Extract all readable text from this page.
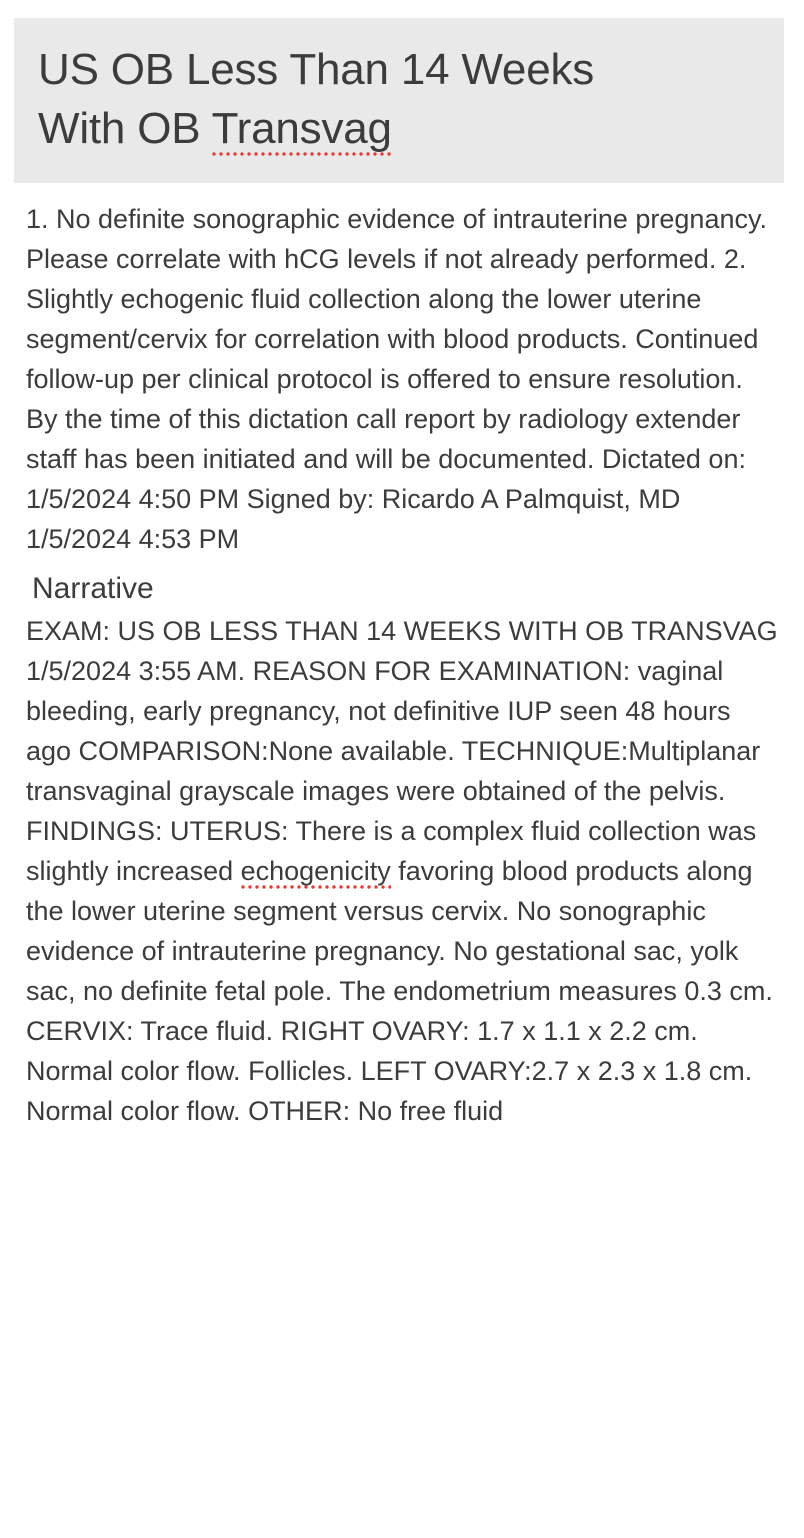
US OB Less Than 14 Weeks
With OB Transvag

1. No definite sonographic evidence of intrauterine pregnancy. Please correlate with hCG levels if not already performed. 2. Slightly echogenic fluid collection along the lower uterine segment/cervix for correlation with blood products. Continued follow-up per clinical protocol is offered to ensure resolution. By the time of this dictation call report by radiology extender staff has been initiated and will be documented. Dictated on: 1/5/2024 4:50 PM Signed by: Ricardo A Palmquist, MD 1/5/2024 4:53 PM

Narrative

EXAM: US OB LESS THAN 14 WEEKS WITH OB TRANSVAG 1/5/2024 3:55 AM. REASON FOR EXAMINATION: vaginal bleeding, early pregnancy, not definitive IUP seen 48 hours ago COMPARISON:None available. TECHNIQUE:Multiplanar transvaginal grayscale images were obtained of the pelvis. FINDINGS: UTERUS: There is a complex fluid collection was slightly increased echogenicity favoring blood products along the lower uterine segment versus cervix. No sonographic evidence of intrauterine pregnancy. No gestational sac, yolk sac, no definite fetal pole. The endometrium measures 0.3 cm. CERVIX: Trace fluid. RIGHT OVARY: 1.7 x 1.1 x 2.2 cm. Normal color flow. Follicles. LEFT OVARY:2.7 x 2.3 x 1.8 cm. Normal color flow. OTHER: No free fluid
